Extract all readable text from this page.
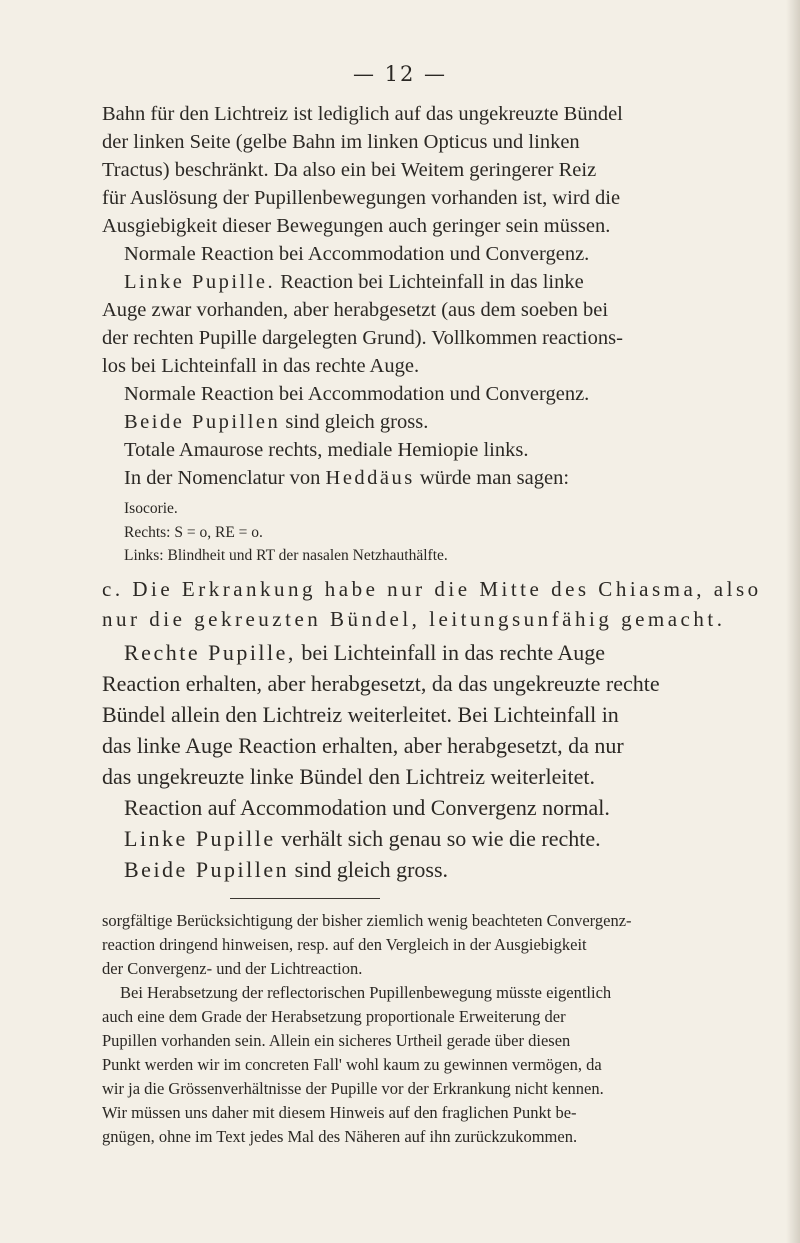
— 12 —
Bahn für den Lichtreiz ist lediglich auf das ungekreuzte Bündel
der linken Seite (gelbe Bahn im linken Opticus und linken
Tractus) beschränkt. Da also ein bei Weitem geringerer Reiz
für Auslösung der Pupillenbewegungen vorhanden ist, wird die
Ausgiebigkeit dieser Bewegungen auch geringer sein müssen.
Normale Reaction bei Accommodation und Convergenz.
Linke Pupille. Reaction bei Lichteinfall in das linke
Auge zwar vorhanden, aber herabgesetzt (aus dem soeben bei
der rechten Pupille dargelegten Grund). Vollkommen reactions-
los bei Lichteinfall in das rechte Auge.
Normale Reaction bei Accommodation und Convergenz.
Beide Pupillen sind gleich gross.
Totale Amaurose rechts, mediale Hemiopie links.
In der Nomenclatur von Heddäus würde man sagen:
Isocorie.
Rechts: S = o, RE = o.
Links: Blindheit und RT der nasalen Netzhauthälfte.
c. Die Erkrankung habe nur die Mitte des Chiasma, also
nur die gekreuzten Bündel, leitungsunfähig gemacht.
Rechte Pupille, bei Lichteinfall in das rechte Auge
Reaction erhalten, aber herabgesetzt, da das ungekreuzte rechte
Bündel allein den Lichtreiz weiterleitet. Bei Lichteinfall in
das linke Auge Reaction erhalten, aber herabgesetzt, da nur
das ungekreuzte linke Bündel den Lichtreiz weiterleitet.
Reaction auf Accommodation und Convergenz normal.
Linke Pupille verhält sich genau so wie die rechte.
Beide Pupillen sind gleich gross.
sorgfältige Berücksichtigung der bisher ziemlich wenig beachteten Convergenz-
reaction dringend hinweisen, resp. auf den Vergleich in der Ausgiebigkeit
der Convergenz- und der Lichtreaction.
Bei Herabsetzung der reflectorischen Pupillenbewegung müsste eigentlich
auch eine dem Grade der Herabsetzung proportionale Erweiterung der
Pupillen vorhanden sein. Allein ein sicheres Urtheil gerade über diesen
Punkt werden wir im concreten Fall' wohl kaum zu gewinnen vermögen, da
wir ja die Grössenverhältnisse der Pupille vor der Erkrankung nicht kennen.
Wir müssen uns daher mit diesem Hinweis auf den fraglichen Punkt be-
gnügen, ohne im Text jedes Mal des Näheren auf ihn zurückzukommen.
